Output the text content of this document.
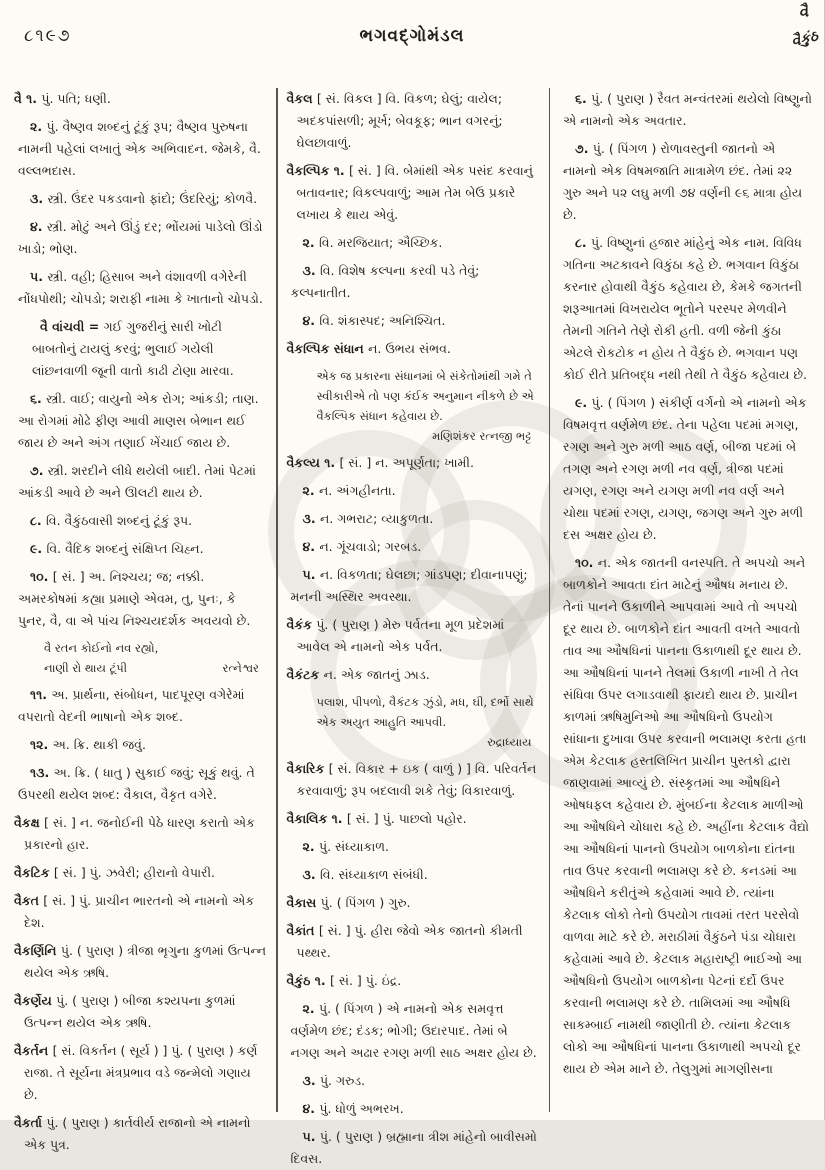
૮૧૯૭	ભગવદ્ગોમંડલ
વૈ
વૈકુંઠ

વૈ ૧. પું. પતિ; ધણી.

૨. પું. વૈષ્ણવ શબ્દનું ટૂંકું રૂપ; વૈષ્ણવ પુરુષના નામની પહેલાં લખાતું એક અભિવાદન. જેમકે, વૈ. વલ્લભદાસ.

૩. સ્ત્રી. ઉંદર પકડવાનો ફાંદો; ઉંદરિયું; કોળવૈ.

૪. સ્ત્રી. મોટું અને ઊંડું દર; ભોંયમાં પાડેલો ઊંડો ખાડો; ભોણ.

૫. સ્ત્રી. વહી; હિસાબ અને વંશાવળી વગેરેની નોંધપોથી; ચોપડો; શરાફી નામા કે ખાતાનો ચોપડો.

વૈ વાંચવી = ગઈ ગુજરીનું સારી ખોટી બાબતોનું ટાયલું કરવું; ભુલાઈ ગયેલી લાંછનવાળી જૂની વાતો કાઢી ટોણા મારવા.

૬. સ્ત્રી. વાઈ; વાયુનો એક રોગ; આંકડી; તાણ. આ રોગમાં મોઢે ફીણ આવી માણસ બેભાન થઈ જાય છે અને અંગ તણાઈ ખેંચાઈ જાય છે.

૭. સ્ત્રી. શરદીને લીધે થયેલી બાદી. તેમાં પેટમાં આંકડી આવે છે અને ઊલટી થાય છે.

૮. વિ. વૈકુંઠવાસી શબ્દનું ટૂંકું રૂપ.

૯. વિ. વૈદિક શબ્દનું સંક્ષિપ્ત ચિહ્ન.

૧૦. [ સં. ] અ. નિશ્ચય; જ; નક્કી. અમરકોષમાં કહ્યા પ્રમાણે એવમ, તુ, પુનઃ, કે પુનર, વૈ, વા એ પાંચ નિશ્ચયદર્શક અવયવો છે.

વૈ રતન કોઈનો નવ રહ્યો,
નાણી રો થાય ટૂંપી	રત્નેશ્વર

૧૧. અ. પ્રાર્થના, સંબોધન, પાદપૂરણ વગેરેમાં વપરાતો વેદની ભાષાનો એક શબ્દ.

૧૨. અ. ક્રિ. થાકી જવું.

૧૩. અ. ક્રિ. ( ધાતુ ) સુકાઈ જવું; સૂકું થવું. તે ઉપરથી થયેલ શબ્દ: વૈકાલ, વૈકૃત વગેરે.

વૈકક્ષ [ સં. ] ન. જનોઈની પેઠે ધારણ કરાતો એક પ્રકારનો હાર.

વૈકટિક [ સં. ] પું. ઝવેરી; હીરાનો વેપારી.

વૈકત [ સં. ] પું. પ્રાચીન ભારતનો એ નામનો એક દેશ.

વૈકર્ણિનિ પું. ( પુરાણ ) ત્રીજા ભૃગુના કુળમાં ઉત્પન્ન થયેલ એક ઋષિ.

વૈકર્ણેય પું. ( પુરાણ ) બીજા કશ્યપના કુળમાં ઉત્પન્ન થયેલ એક ઋષિ.

વૈકર્તન [ સં. વિકર્તન ( સૂર્ય ) ] પું. ( પુરાણ ) કર્ણ રાજા. તે સૂર્યના મંત્રપ્રભાવ વડે જન્મેલો ગણાય છે.

વૈકર્તા પું. ( પુરાણ ) કાર્તવીર્ય રાજાનો એ નામનો એક પુત્ર.

વૈકલ [ સં. વિકલ ] વિ. વિકળ; ઘેલું; વાયેલ; અદકપાંસળી; મૂર્ખ; બેવકૂફ; ભાન વગરનું; ઘેલછાવાળું.

વૈકલ્પિક ૧. [ સં. ] વિ. બેમાંથી એક પસંદ કરવાનું બતાવનાર; વિકલ્પવાળું; આમ તેમ બેઉ પ્રકારે લખાય કે થાય એવું.

૨. વિ. મરજિયાત; ઐચ્છિક.

૩. વિ. વિશેષ કલ્પના કરવી પડે તેવું; કલ્પનાતીત.

૪. વિ. શંકાસ્પદ; અનિશ્ચિત.

વૈકલ્પિક સંધાન ન. ઉભય સંભવ.

એક જ પ્રકારના સંધાનમાં બે સંકેતોમાંથી ગમે તે સ્વીકારીએ તો પણ કંઈક અનુમાન નીકળે છે એ વૈકલ્પિક સંધાન કહેવાય છે.
મણિશંકર રત્નજી ભટ્ટ

વૈકલ્ય ૧. [ સં. ] ન. અપૂર્ણતા; ખામી.

૨. ન. અંગહીનતા.

૩. ન. ગભરાટ; વ્યાકુળતા.

૪. ન. ગૂંચવાડો; ગરબડ.

૫. ન. વિકળતા; ઘેલછા; ગાંડપણ; દીવાનાપણું; મનની અસ્થિર અવસ્થા.

વૈકંક પું. ( પુરાણ ) મેરુ પર્વતના મૂળ પ્રદેશમાં આવેલ એ નામનો એક પર્વત.

વૈકંટક ન. એક જાતનું ઝાડ.

પલાશ, પીપળો, વૈકંટક ઝુંડો, મધ, ઘી, દર્ભો સાથે એક અયુત આહુતિ આપવી.
રુદ્રાધ્યાય

વૈકારિક [ સં. વિકાર + ઇક ( વાળું ) ] વિ. પરિવર્તન કરવાવાળું; રૂપ બદલાવી શકે તેવું; વિકારવાળું.

વૈકાલિક ૧. [ સં. ] પું. પાછલો પહોર.

૨. પું. સંધ્યાકાળ.

૩. વિ. સંધ્યાકાળ સંબંધી.

વૈકાસ પું. ( પિંગળ ) ગુરુ.

વૈકાંત [ સં. ] પું. હીરા જેવો એક જાતનો કીમતી પથ્થર.

વૈકુંઠ ૧. [ સં. ] પું. ઇંદ્ર.

૨. પું. ( પિંગળ ) એ નામનો એક સમવૃત્ત વર્ણમેળ છંદ; દંડક; ભોગી; ઉદારપાદ. તેમાં બે નગણ અને અઢાર રગણ મળી સાઠ અક્ષર હોય છે.

૩. પું. ગરુડ.

૪. પું. ધોળું અભરખ.

૫. પું. ( પુરાણ ) બ્રહ્માના ત્રીશ માંહેનો બાવીસમો દિવસ.

૬. પું. ( પુરાણ ) રૈવત મન્વંતરમાં થયેલો વિષ્ણુનો એ નામનો એક અવતાર.

૭. પું. ( પિંગળ ) રોળાવસ્તુની જાતનો એ નામનો એક વિષમજાતિ માત્રામેળ છંદ. તેમાં ૨૨ ગુરુ અને ૫૨ લઘુ મળી ૭૪ વર્ણની ૯૬ માત્રા હોય છે.

૮. પું. વિષ્ણુનાં હજાર માંહેનું એક નામ. વિવિધ ગતિના અટકાવને વિકુંઠા કહે છે. ભગવાન વિકુંઠા કરનાર હોવાથી વૈકુંઠ કહેવાય છે, કેમકે જગતની શરૂઆતમાં વિખરાયેલ ભૂતોને પરસ્પર મેળવીને તેમની ગતિને તેણે રોકી હતી. વળી જેની કુંઠા એટલે રોકટોક ન હોય તે વૈકુંઠ છે. ભગવાન પણ કોઈ રીતે પ્રતિબદ્ધ નથી તેથી તે વૈકુંઠ કહેવાય છે.

૯. પું. ( પિંગળ ) સંકીર્ણ વર્ગનો એ નામનો એક વિષમવૃત્ત વર્ણમેળ છંદ. તેના પહેલા પદમાં મગણ, રગણ અને ગુરુ મળી આઠ વર્ણ, બીજા પદમાં બે તગણ અને રગણ મળી નવ વર્ણ, ત્રીજા પદમાં યગણ, રગણ અને યગણ મળી નવ વર્ણ અને ચોથા પદમાં રગણ, યગણ, જગણ અને ગુરુ મળી દસ અક્ષર હોય છે.

૧૦. ન. એક જાતની વનસ્પતિ. તે અપચો અને બાળકોને આવતા દાંત માટેનું ઔષધ મનાય છે. તેનાં પાનને ઉકાળીને આપવામાં આવે તો અપચો દૂર થાય છે. બાળકોને દાંત આવતી વખતે આવતો તાવ આ ઔષધિનાં પાનના ઉકાળાથી દૂર થાય છે. આ ઔષધિનાં પાનને તેલમાં ઉકાળી નાખી તે તેલ સંધિવા ઉપર લગાડવાથી ફાયદો થાય છે. પ્રાચીન કાળમાં ઋષિમુનિઓ આ ઔષધિનો ઉપયોગ સાંધાના દુખાવા ઉપર કરવાની ભલામણ કરતા હતા એમ કેટલાક હસ્તલિખિત પ્રાચીન પુસ્તકો દ્વારા જાણવામાં આવ્યું છે. સંસ્કૃતમાં આ ઔષધિને ઓષધફલ કહેવાય છે. મુંબઈના કેટલાક માળીઓ આ ઔષધિને ચોધારા કહે છે. અહીંના કેટલાક વૈદ્યો આ ઔષધિનાં પાનનો ઉપયોગ બાળકોના દાંતના તાવ ઉપર કરવાની ભલામણ કરે છે. કનડમાં આ ઔષધિને કરીતુંએ કહેવામાં આવે છે. ત્યાંના કેટલાક લોકો તેનો ઉપયોગ તાવમાં તરત પરસેવો વાળવા માટે કરે છે. મરાઠીમાં વૈકુંઠને પંડા ચોધારા કહેવામાં આવે છે. કેટલાક મહારાષ્ટ્રી ભાઈઓ આ ઔષધિનો ઉપયોગ બાળકોના પેટનાં દર્દો ઉપર કરવાની ભલામણ કરે છે. તામિલમાં આ ઔષધિ સાકમ્બાઈ નામથી જાણીતી છે. ત્યાંના કેટલાક લોકો આ ઔષધિનાં પાનના ઉકાળાથી અપચો દૂર થાય છે એમ માને છે. તેલુગુમાં માગણીસના
